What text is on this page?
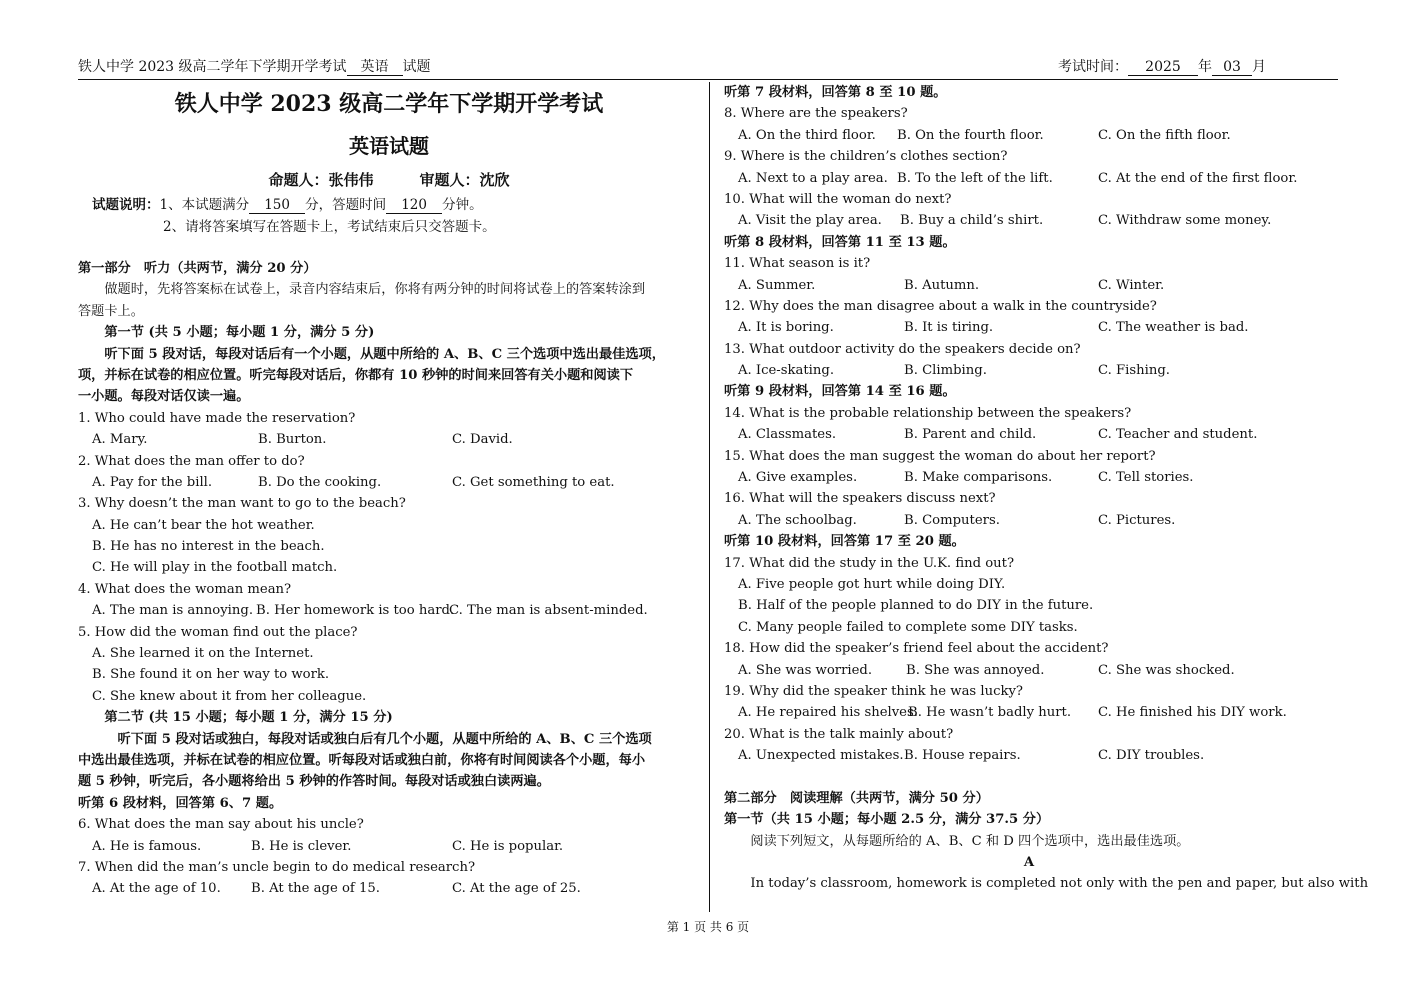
铁人中学 2023 级高二学年下学期开学考试 英语 试题	考试时间： 2025 年 03 月
铁人中学 2023 级高二学年下学期开学考试
英语试题
命题人：张伟伟	审题人：沈欣
试题说明：1、本试题满分 150 分，答题时间 120 分钟。
2、请将答案填写在答题卡上，考试结束后只交答题卡。
第一部分　听力（共两节，满分 20 分）
　　做题时，先将答案标在试卷上，录音内容结束后，你将有两分钟的时间将试卷上的答案转涂到
答题卡上。
　　第一节 (共 5 小题；每小题 1 分，满分 5 分)
　　听下面 5 段对话，每段对话后有一个小题，从题中所给的 A、B、C 三个选项中选出最佳选项，
项，并标在试卷的相应位置。听完每段对话后，你都有 10 秒钟的时间来回答有关小题和阅读下
一小题。每段对话仅读一遍。
1. Who could have made the reservation?
A. Mary.	B. Burton.	C. David.
2. What does the man offer to do?
A. Pay for the bill.	B. Do the cooking.	C. Get something to eat.
3. Why doesn’t the man want to go to the beach?
A. He can’t bear the hot weather.
B. He has no interest in the beach.
C. He will play in the football match.
4. What does the woman mean?
A. The man is annoying. B. Her homework is too hard.
C. The man is absent-minded.
5. How did the woman find out the place?
A. She learned it on the Internet.
B. She found it on her way to work.
C. She knew about it from her colleague.
　　第二节 (共 15 小题；每小题 1 分，满分 15 分)
　　　听下面 5 段对话或独白，每段对话或独白后有几个小题，从题中所给的 A、B、C 三个选项
中选出最佳选项，并标在试卷的相应位置。听每段对话或独白前，你将有时间阅读各个小题，每小
题 5 秒钟，听完后，各小题将给出 5 秒钟的作答时间。每段对话或独白读两遍。
听第 6 段材料，回答第 6、7 题。
6. What does the man say about his uncle?
A. He is famous.	B. He is clever.	C. He is popular.
7. When did the man’s uncle begin to do medical research?
A. At the age of 10. B. At the age of 15.	C. At the age of 25.
听第 7 段材料，回答第 8 至 10 题。
8. Where are the speakers?
A. On the third floor. B. On the fourth floor.	C. On the fifth floor.
9. Where is the children’s clothes section?
A. Next to a play area. B. To the left of the lift.	C. At the end of the first floor.
10. What will the woman do next?
A. Visit the play area. B. Buy a child’s shirt.	C. Withdraw some money.
听第 8 段材料，回答第 11 至 13 题。
11. What season is it?
A. Summer.	B. Autumn.	C. Winter.
12. Why does the man disagree about a walk in the countryside?
A. It is boring.	B. It is tiring.	C. The weather is bad.
13. What outdoor activity do the speakers decide on?
A. Ice-skating.	B. Climbing.	C. Fishing.
听第 9 段材料，回答第 14 至 16 题。
14. What is the probable relationship between the speakers?
A. Classmates.	B. Parent and child.	C. Teacher and student.
15. What does the man suggest the woman do about her report?
A. Give examples.	B. Make comparisons.	C. Tell stories.
16. What will the speakers discuss next?
A. The schoolbag.	B. Computers.	C. Pictures.
听第 10 段材料，回答第 17 至 20 题。
17. What did the study in the U.K. find out?
A. Five people got hurt while doing DIY.
B. Half of the people planned to do DIY in the future.
C. Many people failed to complete some DIY tasks.
18. How did the speaker’s friend feel about the accident?
A. She was worried.	B. She was annoyed.	C. She was shocked.
19. Why did the speaker think he was lucky?
A. He repaired his shelves.
B. He wasn’t badly hurt. C. He finished his DIY work.
20. What is the talk mainly about?
A. Unexpected mistakes. B. House repairs.	C. DIY troubles.
第二部分　阅读理解（共两节，满分 50 分）
第一节（共 15 小题；每小题 2.5 分，满分 37.5 分）
　　阅读下列短文，从每题所给的 A、B、C 和 D 四个选项中，选出最佳选项。
A
　　In today’s classroom, homework is completed not only with the pen and paper, but also with
第 1 页 共 6 页
